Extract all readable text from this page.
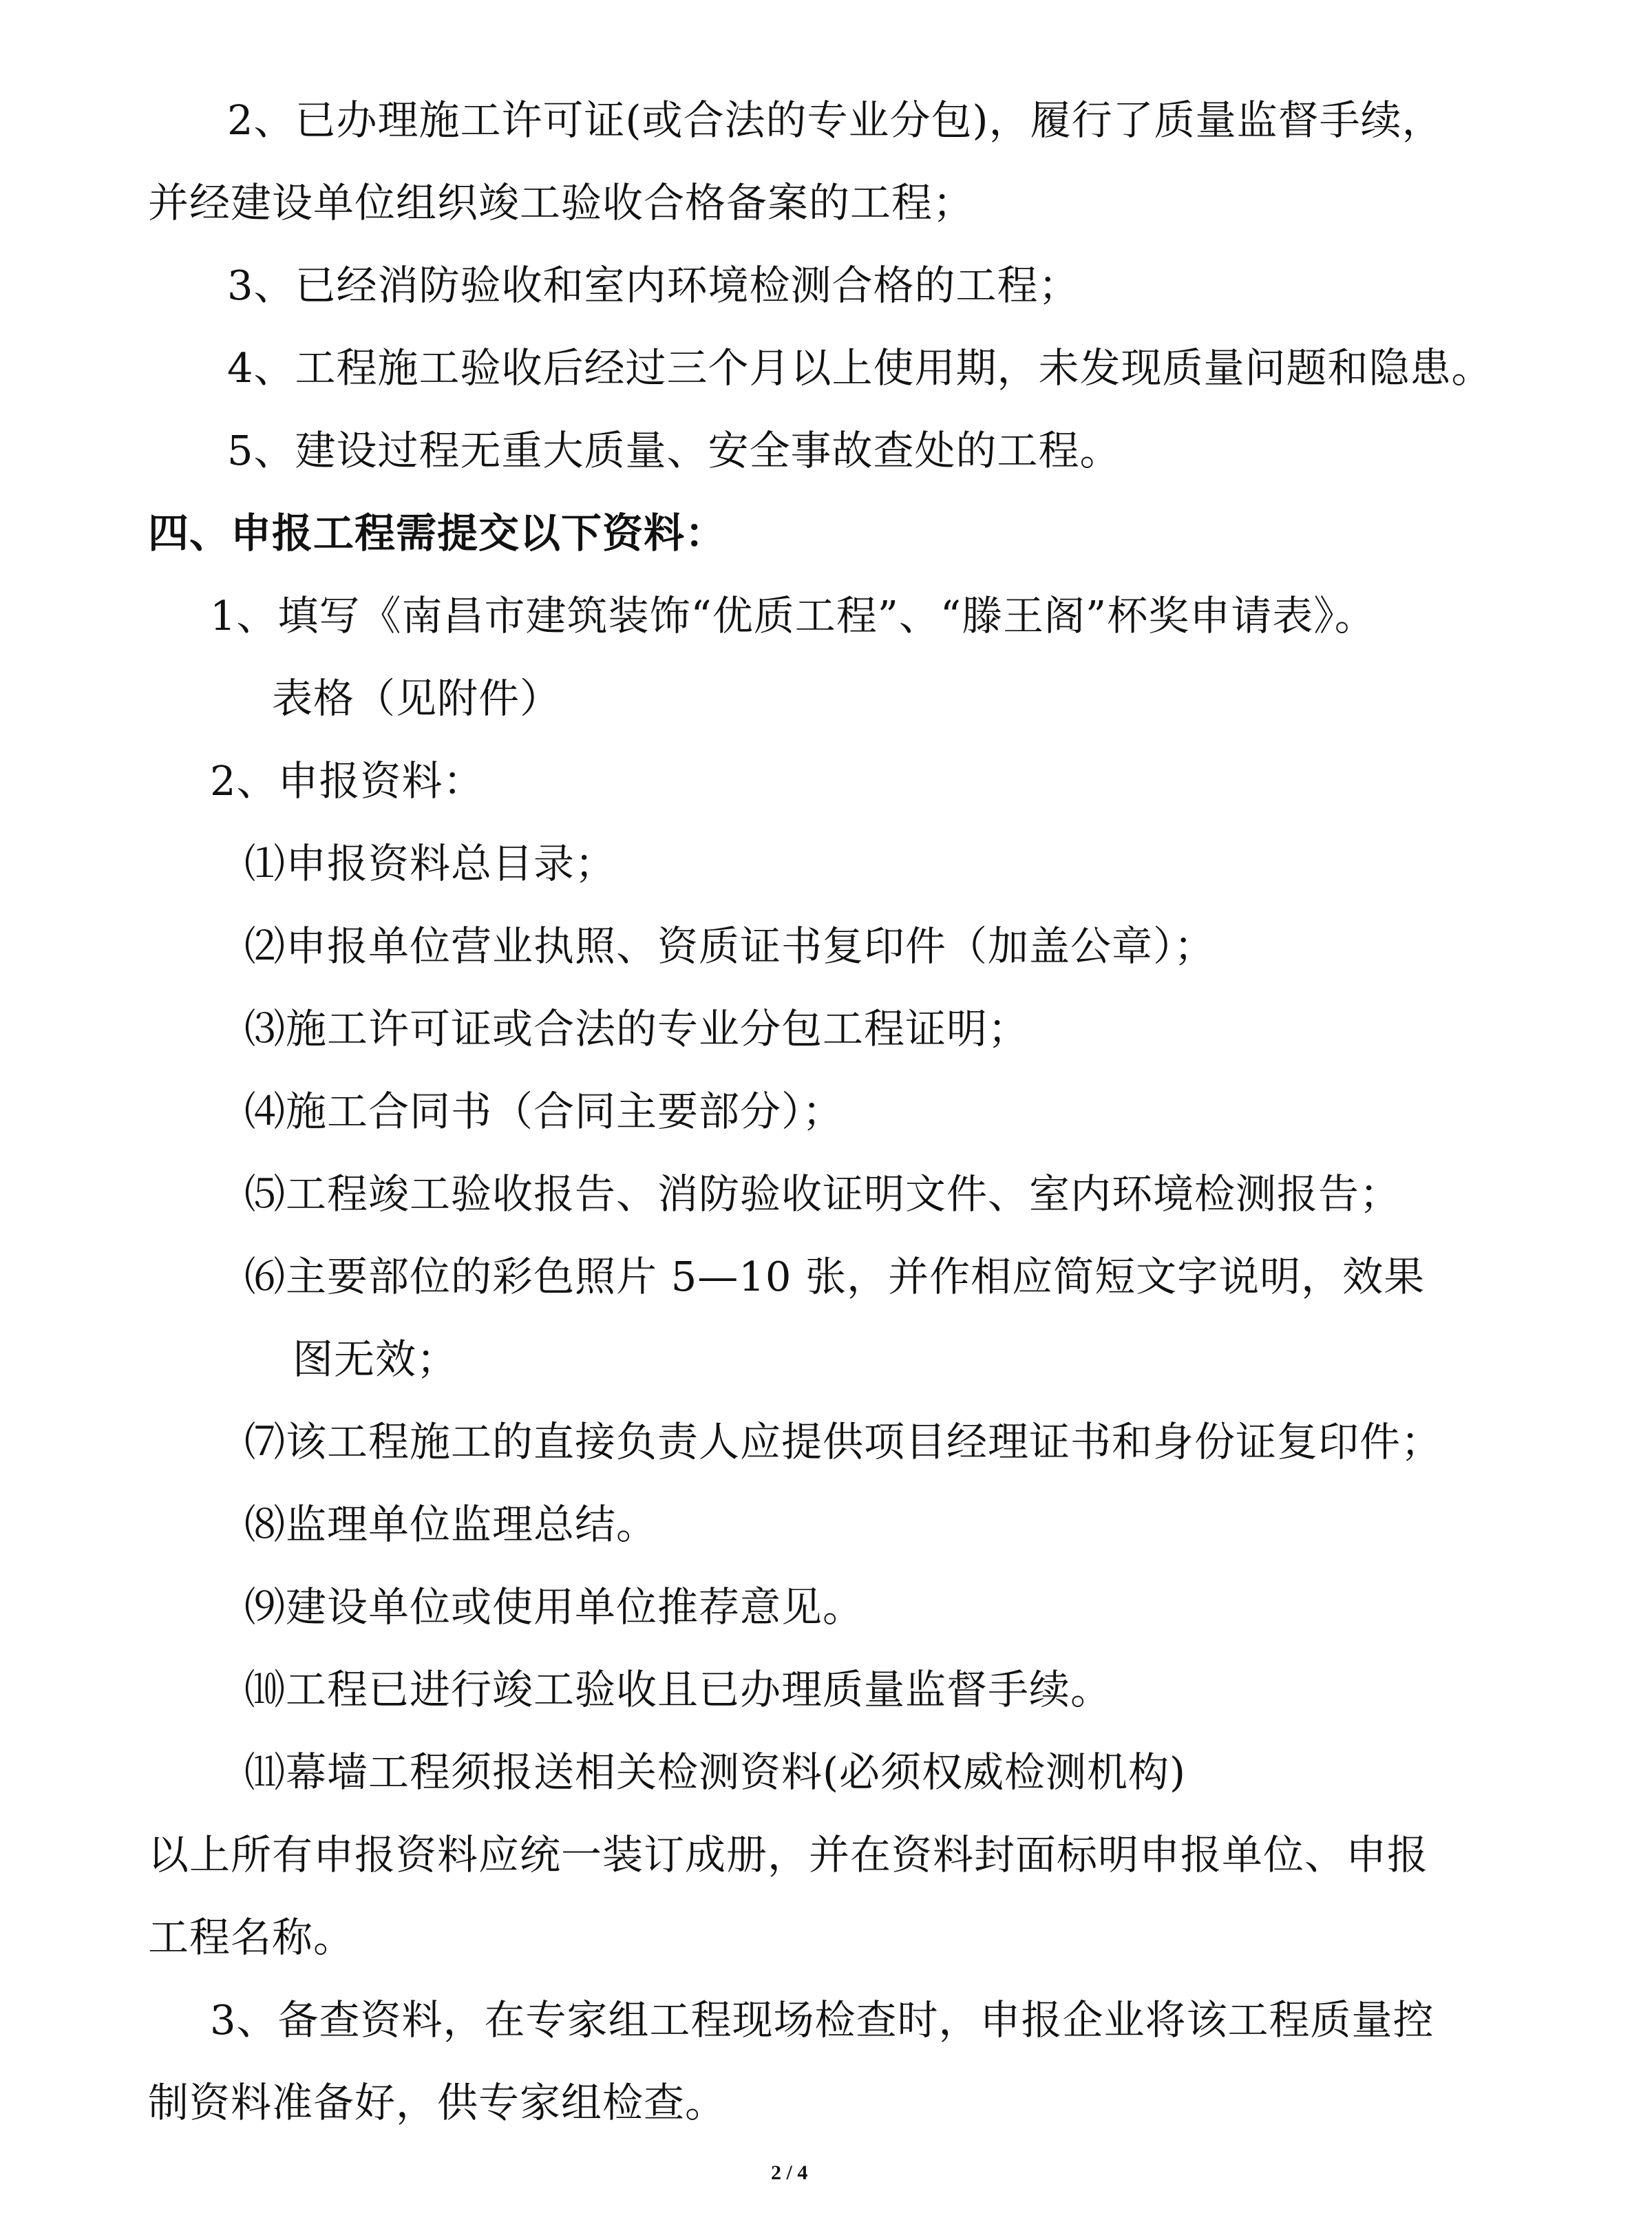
2、已办理施工许可证(或合法的专业分包)，履行了质量监督手续，
并经建设单位组织竣工验收合格备案的工程；
3、已经消防验收和室内环境检测合格的工程；
4、工程施工验收后经过三个月以上使用期，未发现质量问题和隐患。
5、建设过程无重大质量、安全事故查处的工程。
四、申报工程需提交以下资料：
1、填写《南昌市建筑装饰“优质工程”、“滕王阁”杯奖申请表》。
表格（见附件）
2、申报资料：
⑴申报资料总目录；
⑵申报单位营业执照、资质证书复印件（加盖公章）；
⑶施工许可证或合法的专业分包工程证明；
⑷施工合同书（合同主要部分）；
⑸工程竣工验收报告、消防验收证明文件、室内环境检测报告；
⑹主要部位的彩色照片 5—10 张，并作相应简短文字说明，效果
图无效；
⑺该工程施工的直接负责人应提供项目经理证书和身份证复印件；
⑻监理单位监理总结。
⑼建设单位或使用单位推荐意见。
⑽工程已进行竣工验收且已办理质量监督手续。
⑾幕墙工程须报送相关检测资料(必须权威检测机构)
以上所有申报资料应统一装订成册，并在资料封面标明申报单位、申报
工程名称。
3、备查资料，在专家组工程现场检查时，申报企业将该工程质量控
制资料准备好，供专家组检查。
2 / 4
